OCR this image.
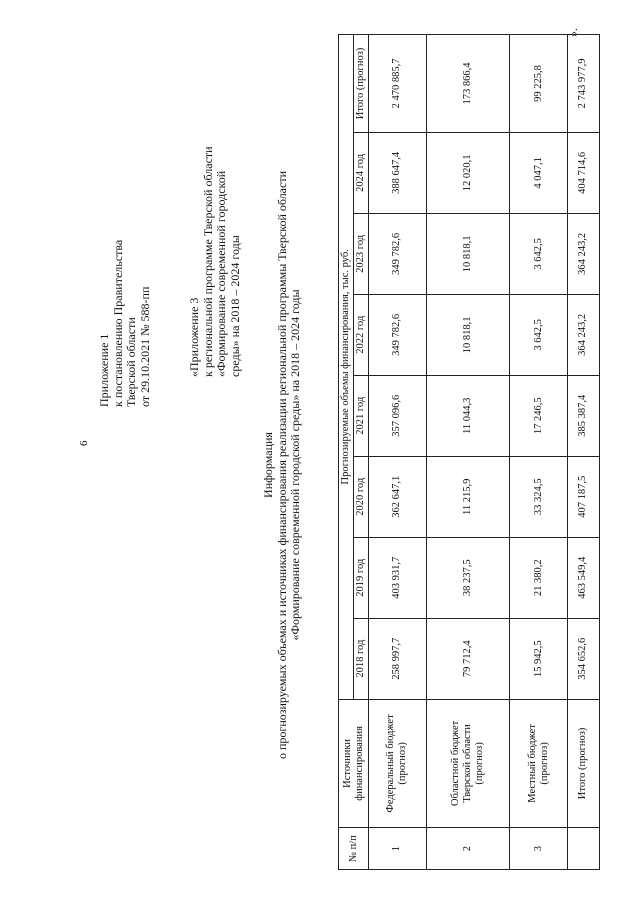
6
Приложение 1 к постановлению Правительства Тверской области от 29.10.2021 № 588-пп	«Приложение 3 к региональной программе Тверской области «Формирование современной городской среды» на 2018 – 2024 годы
Информация о прогнозируемых объемах и источниках финансирования реализации региональной программы Тверской области «Формирование современной городской среды» на 2018 – 2024 годы
№ п/п	Источники финансирования	Прогнозируемые объемы финансирования, тыс. руб.							
		2018 год	2019 год	2020 год	2021 год	2022 год	2023 год	2024 год	Итого (прогноз)
1	Федеральный бюджет (прогноз)	258 997,7	403 931,7	362 647,1	357 096,6	349 782,6	349 782,6	388 647,4	2 470 885,7
2	Областной бюджет Тверской области (прогноз)	79 712,4	38 237,5	11 215,9	11 044,3	10 818,1	10 818,1	12 020,1	173 866,4
3	Местный бюджет (прогноз)	15 942,5	21 380,2	33 324,5	17 246,5	3 642,5	3 642,5	4 047,1	99 225,8
	Итого (прогноз)	354 652,6	463 549,4	407 187,5	385 387,4	364 243,2	364 243,2	404 714,6	2 743 977,9
».
